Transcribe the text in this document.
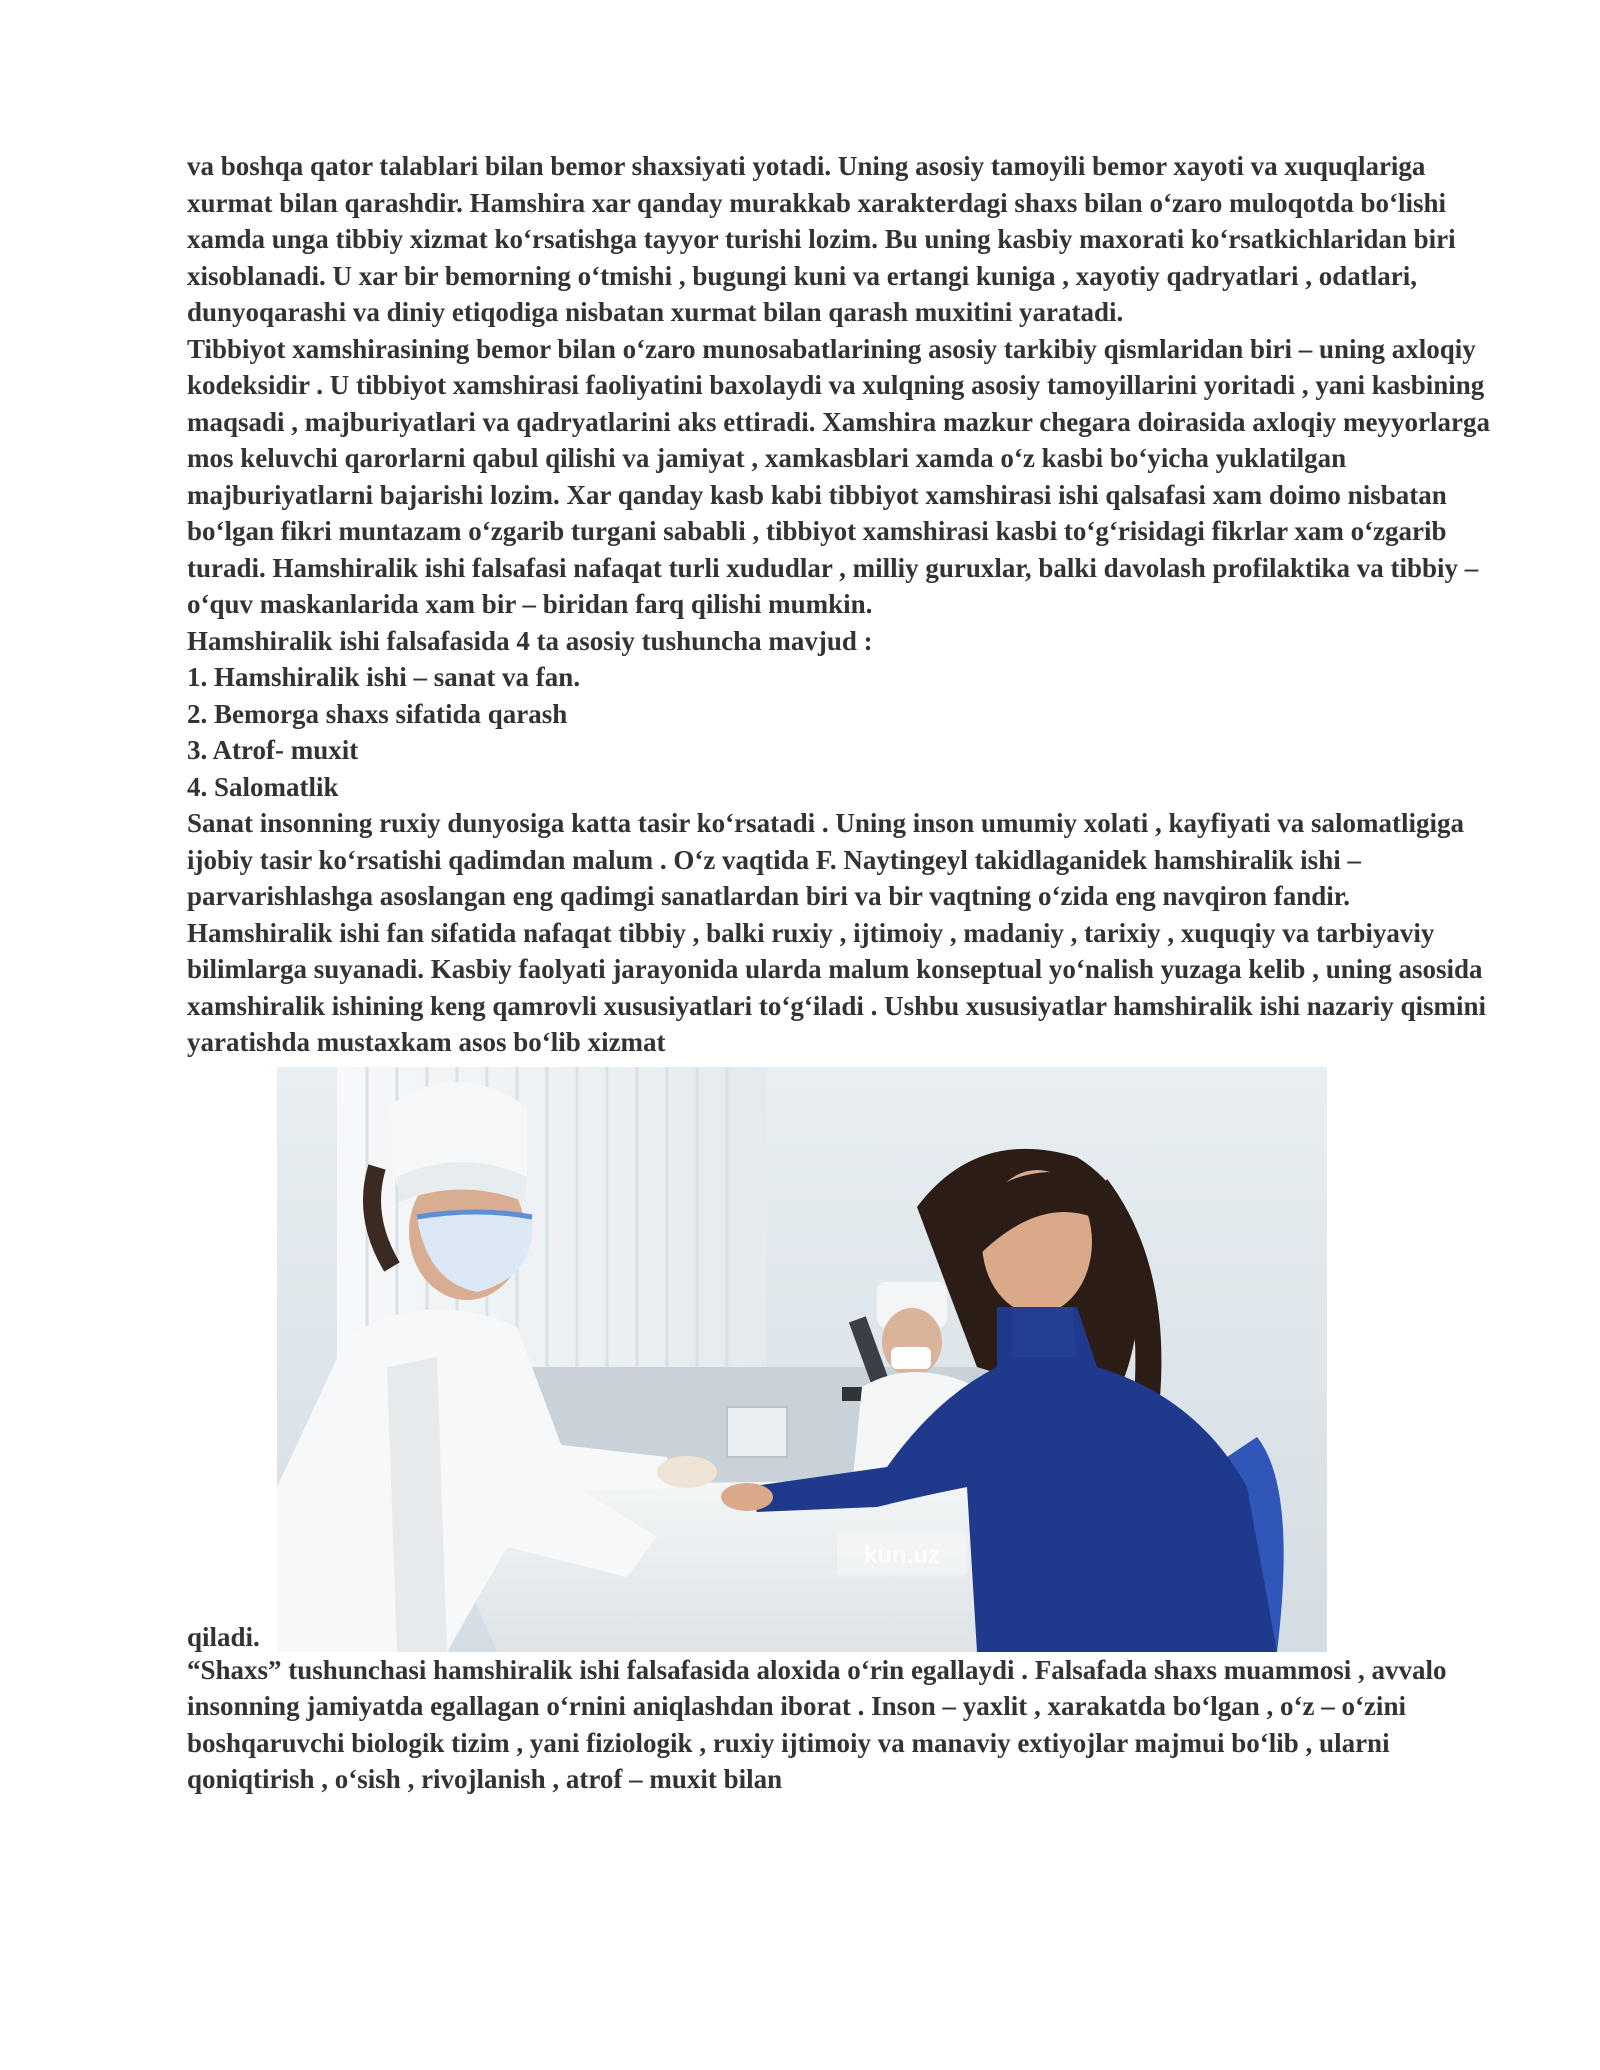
va boshqa qator talablari bilan bemor shaxsiyati yotadi. Uning asosiy tamoyili bemor xayoti va xuquqlariga xurmat bilan qarashdir. Hamshira xar qanday murakkab xarakterdagi shaxs bilan o‘zaro muloqotda bo‘lishi xamda unga tibbiy xizmat ko‘rsatishga tayyor turishi lozim. Bu uning kasbiy maxorati ko‘rsatkichlaridan biri xisoblanadi. U xar bir bemorning o‘tmishi , bugungi kuni va ertangi kuniga , xayotiy qadryatlari , odatlari, dunyoqarashi va diniy etiqodiga nisbatan xurmat bilan qarash muxitini yaratadi.

Tibbiyot xamshirasining bemor bilan o‘zaro munosabatlarining asosiy tarkibiy qismlaridan biri – uning axloqiy kodeksidir . U tibbiyot xamshirasi faoliyatini baxolaydi va xulqning asosiy tamoyillarini yoritadi , yani kasbining maqsadi , majburiyatlari va qadryatlarini aks ettiradi. Xamshira mazkur chegara doirasida axloqiy meyyorlarga mos keluvchi qarorlarni qabul qilishi va jamiyat , xamkasblari xamda o‘z kasbi bo‘yicha yuklatilgan majburiyatlarni bajarishi lozim. Xar qanday kasb kabi tibbiyot xamshirasi ishi qalsafasi xam doimo nisbatan bo‘lgan fikri muntazam o‘zgarib turgani sababli , tibbiyot xamshirasi kasbi to‘g‘risidagi fikrlar xam o‘zgarib turadi. Hamshiralik ishi falsafasi nafaqat turli xududlar , milliy guruxlar, balki davolash profilaktika va tibbiy – o‘quv maskanlarida xam bir – biridan farq qilishi mumkin.

Hamshiralik ishi falsafasida 4 ta asosiy tushuncha mavjud :

1. Hamshiralik ishi – sanat va fan.

2. Bemorga shaxs sifatida qarash

3. Atrof- muxit

4. Salomatlik

Sanat insonning ruxiy dunyosiga katta tasir ko‘rsatadi . Uning inson umumiy xolati , kayfiyati va salomatligiga ijobiy tasir ko‘rsatishi qadimdan malum . O‘z vaqtida F. Naytingeyl takidlaganidek hamshiralik ishi – parvarishlashga asoslangan eng qadimgi sanatlardan biri va bir vaqtning o‘zida eng navqiron fandir.

Hamshiralik ishi fan sifatida nafaqat tibbiy , balki ruxiy , ijtimoiy , madaniy , tarixiy , xuquqiy va tarbiyaviy bilimlarga suyanadi. Kasbiy faolyati jarayonida ularda malum konseptual yo‘nalish yuzaga kelib , uning asosida xamshiralik ishining keng qamrovli xususiyatlari to‘g‘iladi . Ushbu xususiyatlar hamshiralik ishi nazariy qismini yaratishda mustaxkam asos bo‘lib xizmat

qiladi.
kun.uz

“Shaxs” tushunchasi hamshiralik ishi falsafasida aloxida o‘rin egallaydi . Falsafada shaxs muammosi , avvalo insonning jamiyatda egallagan o‘rnini aniqlashdan iborat . Inson – yaxlit , xarakatda bo‘lgan , o‘z – o‘zini boshqaruvchi biologik tizim , yani fiziologik , ruxiy ijtimoiy va manaviy extiyojlar majmui bo‘lib , ularni qoniqtirish , o‘sish , rivojlanish , atrof – muxit bilan
